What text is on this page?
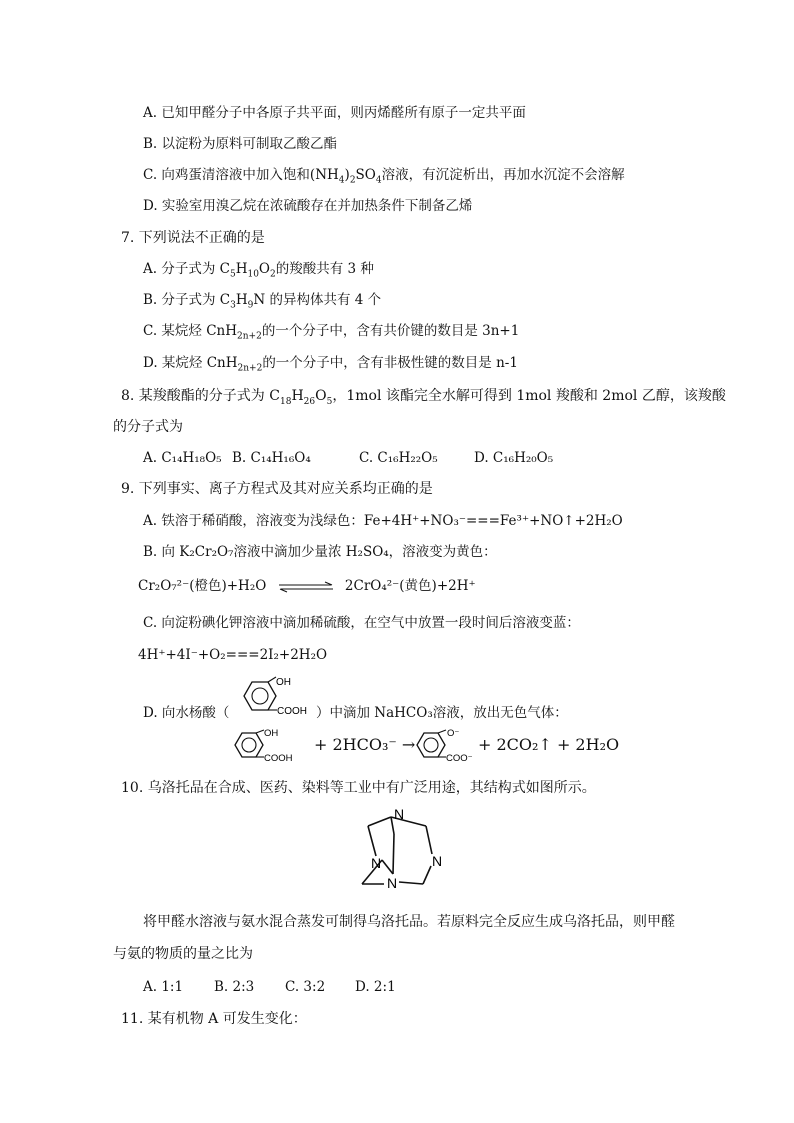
A. 已知甲醛分子中各原子共平面，则丙烯醛所有原子一定共平面
B. 以淀粉为原料可制取乙酸乙酯
C. 向鸡蛋清溶液中加入饱和$(NH_4)_2SO_4$溶液，有沉淀析出，再加水沉淀不会溶解
D. 实验室用溴乙烷在浓硫酸存在并加热条件下制备乙烯
7. 下列说法不正确的是
A. 分子式为 $C_5H_{10}O_2$的羧酸共有 3 种
B. 分子式为 $C_3H_9N$ 的异构体共有 4 个
C. 某烷烃 CnH$_{2n+2}$的一个分子中，含有共价键的数目是 3n+1
D. 某烷烃 CnH$_{2n+2}$的一个分子中，含有非极性键的数目是 n-1
8. 某羧酸酯的分子式为 $C_{18}H_{26}O_5$，1mol 该酯完全水解可得到 1mol 羧酸和 2mol 乙醇，该羧酸
的分子式为
A. C₁₄H₁₈O₅ B. C₁₄H₁₆O₄	C. C₁₆H₂₂O₅	D. C₁₆H₂₀O₅
9. 下列事实、离子方程式及其对应关系均正确的是
A. 铁溶于稀硝酸，溶液变为浅绿色：Fe+4H⁺+NO₃⁻===Fe³⁺+NO↑+2H₂O
B. 向 K₂Cr₂O₇溶液中滴加少量浓 H₂SO₄，溶液变为黄色：
Cr₂O₇²⁻(橙色)+H₂O	2CrO₄²⁻(黄色)+2H⁺
C. 向淀粉碘化钾溶液中滴加稀硫酸，在空气中放置一段时间后溶液变蓝：
4H⁺+4I⁻+O₂===2I₂+2H₂O
OH
COOH
D. 向水杨酸（	）中滴加 NaHCO₃溶液，放出无色气体：
OH
COOH
+ 2HCO₃⁻ →
O⁻
COO⁻
+ 2CO₂↑ + 2H₂O
10. 乌洛托品在合成、医药、染料等工业中有广泛用途，其结构式如图所示。
N
N	N
N
将甲醛水溶液与氨水混合蒸发可制得乌洛托品。若原料完全反应生成乌洛托品，则甲醛
与氨的物质的量之比为
A. 1:1 B. 2:3 C. 3:2 D. 2:1
11. 某有机物 A 可发生变化：
